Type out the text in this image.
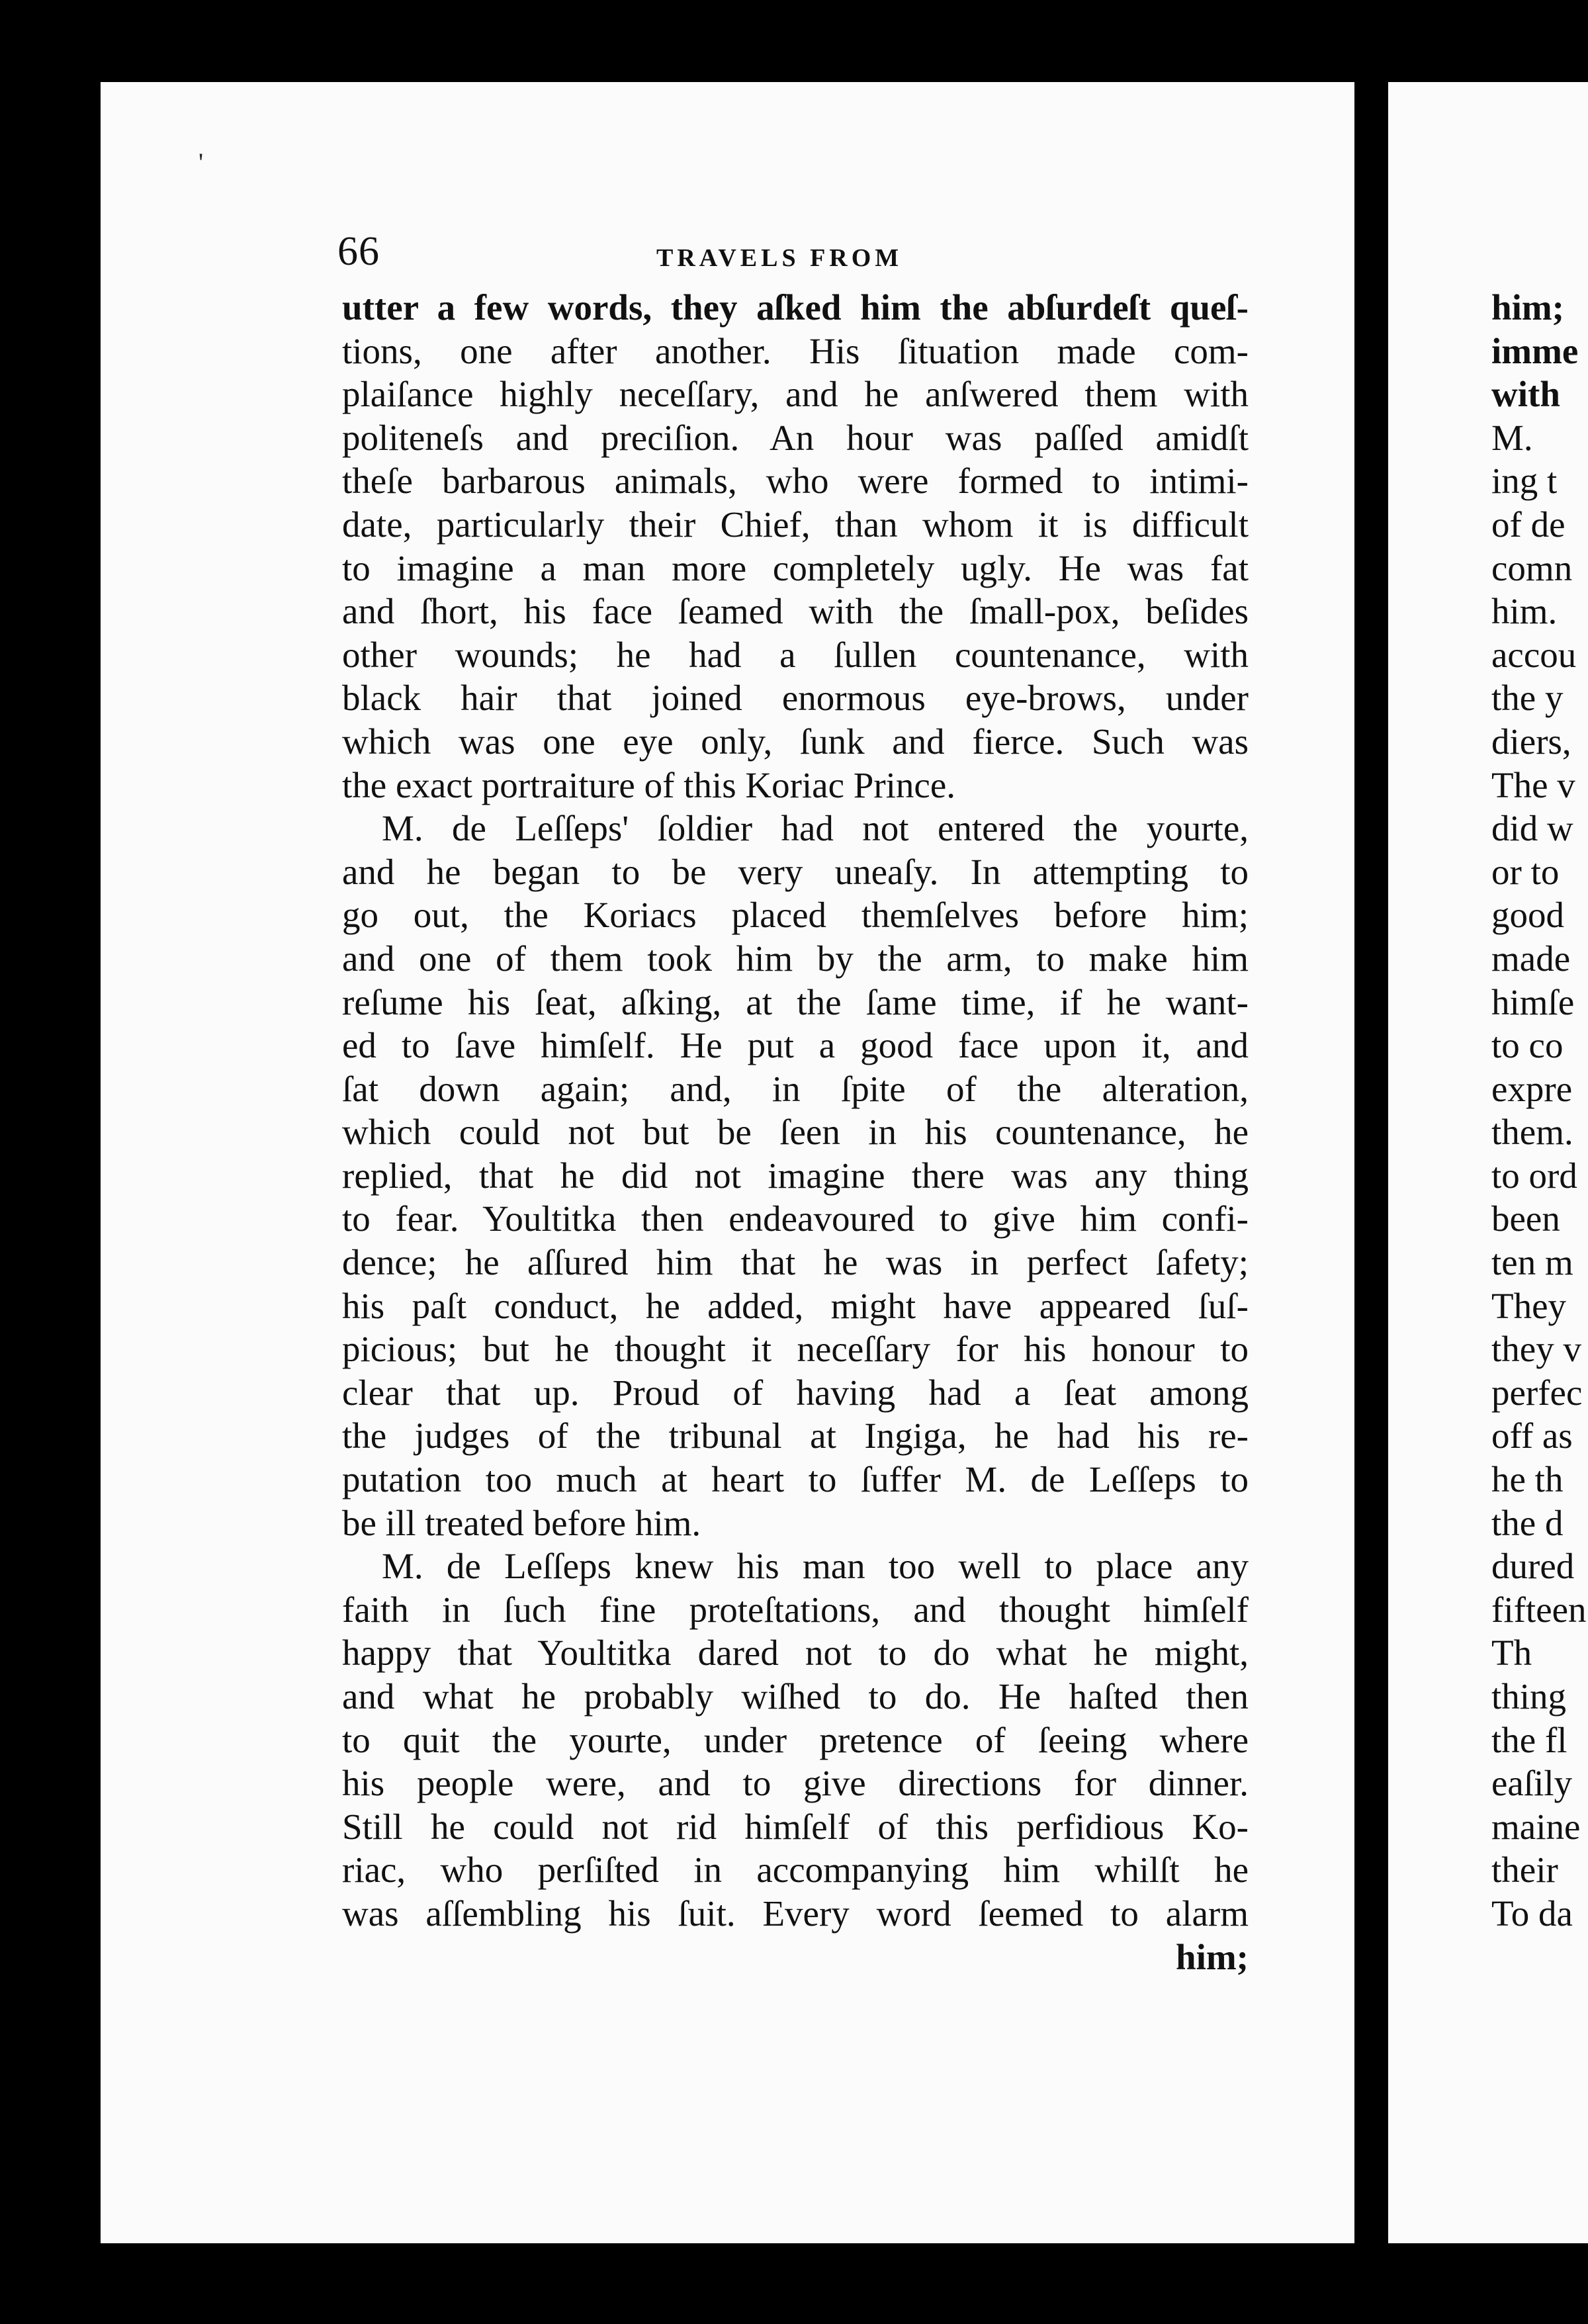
'
66	TRAVELS FROM
utter a few words, they aſked him the abſurdeſt queſ-
tions, one after another. His ſituation made com-
plaiſance highly neceſſary, and he anſwered them with
politeneſs and preciſion. An hour was paſſed amidſt
theſe barbarous animals, who were formed to intimi-
date, particularly their Chief, than whom it is difficult
to imagine a man more completely ugly. He was fat
and ſhort, his face ſeamed with the ſmall-pox, beſides
other wounds; he had a ſullen countenance, with
black hair that joined enormous eye-brows, under
which was one eye only, ſunk and fierce. Such was
the exact portraiture of this Koriac Prince.
M. de Leſſeps' ſoldier had not entered the yourte,
and he began to be very uneaſy. In attempting to
go out, the Koriacs placed themſelves before him;
and one of them took him by the arm, to make him
reſume his ſeat, aſking, at the ſame time, if he want-
ed to ſave himſelf. He put a good face upon it, and
ſat down again; and, in ſpite of the alteration,
which could not but be ſeen in his countenance, he
replied, that he did not imagine there was any thing
to fear. Youltitka then endeavoured to give him confi-
dence; he aſſured him that he was in perfect ſafety;
his paſt conduct, he added, might have appeared ſuſ-
picious; but he thought it neceſſary for his honour to
clear that up. Proud of having had a ſeat among
the judges of the tribunal at Ingiga, he had his re-
putation too much at heart to ſuffer M. de Leſſeps to
be ill treated before him.
M. de Leſſeps knew his man too well to place any
faith in ſuch fine proteſtations, and thought himſelf
happy that Youltitka dared not to do what he might,
and what he probably wiſhed to do. He haſted then
to quit the yourte, under pretence of ſeeing where
his people were, and to give directions for dinner.
Still he could not rid himſelf of this perfidious Ko-
riac, who perſiſted in accompanying him whilſt he
was aſſembling his ſuit. Every word ſeemed to alarm
him;
him;
imme
with
M.
ing t
of de
comn
him.
accou
the y
diers,
The v
did w
or to
good
made
himſe
to co
expre
them.
to ord
been
ten m
They
they v
perfec
off as
he th
the d
dured
fifteen
Th
thing
the fl
eaſily
maine
their
To da
